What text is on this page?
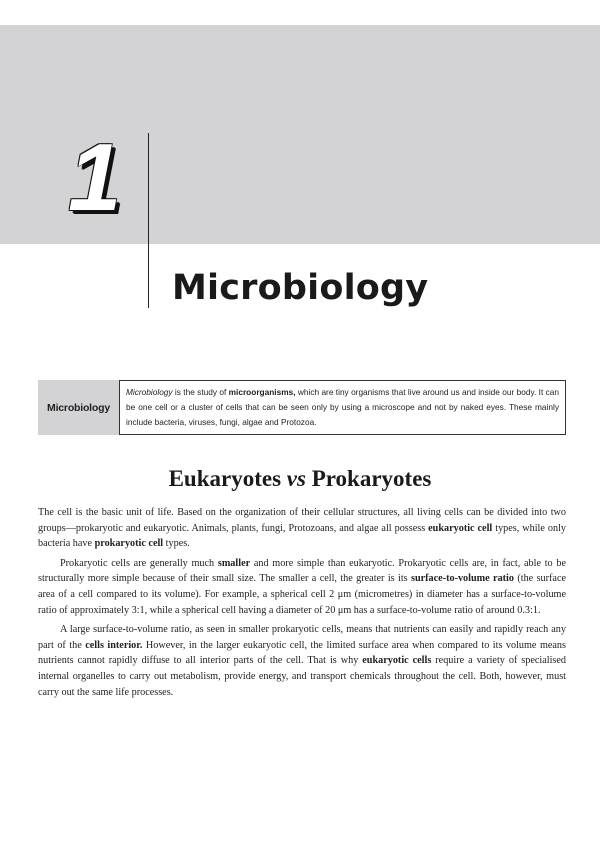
1
Microbiology
Microbiology
Microbiology is the study of microorganisms, which are tiny organisms that live around us and inside our body. It can be one cell or a cluster of cells that can be seen only by using a microscope and not by naked eyes. These mainly include bacteria, viruses, fungi, algae and Protozoa.
Eukaryotes vs Prokaryotes

The cell is the basic unit of life. Based on the organization of their cellular structures, all living cells can be divided into two groups—prokaryotic and eukaryotic. Animals, plants, fungi, Protozoans, and algae all possess eukaryotic cell types, while only bacteria have prokaryotic cell types.

Prokaryotic cells are generally much smaller and more simple than eukaryotic. Prokaryotic cells are, in fact, able to be structurally more simple because of their small size. The smaller a cell, the greater is its surface-to-volume ratio (the surface area of a cell compared to its volume). For example, a spherical cell 2 μm (micrometres) in diameter has a surface-to-volume ratio of approximately 3:1, while a spherical cell having a diameter of 20 μm has a surface-to-volume ratio of around 0.3:1.

A large surface-to-volume ratio, as seen in smaller prokaryotic cells, means that nutrients can easily and rapidly reach any part of the cells interior. However, in the larger eukaryotic cell, the limited surface area when compared to its volume means nutrients cannot rapidly diffuse to all interior parts of the cell. That is why eukaryotic cells require a variety of specialised internal organelles to carry out metabolism, provide energy, and transport chemicals throughout the cell. Both, however, must carry out the same life processes.
